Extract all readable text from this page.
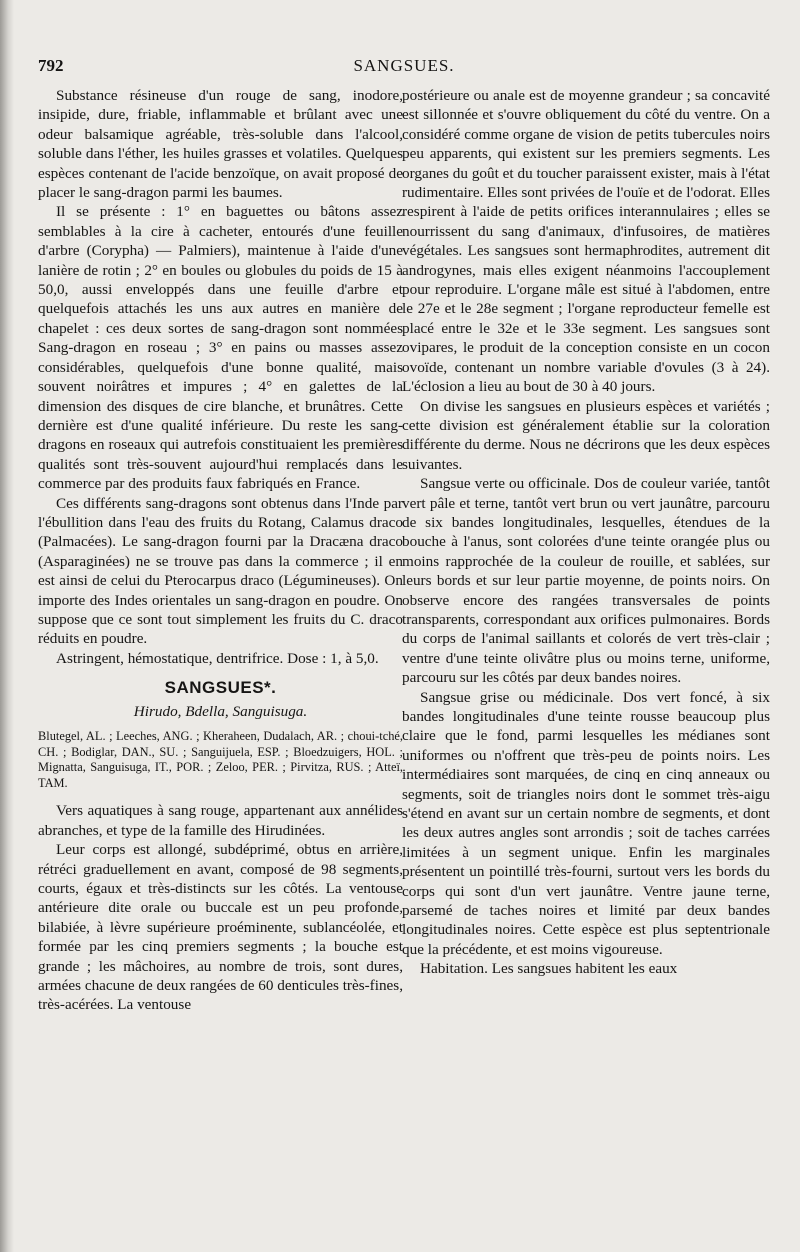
792	SANGSUES.

Substance résineuse d'un rouge de sang, inodore, insipide, dure, friable, inflammable et brûlant avec une odeur balsamique agréable, très-soluble dans l'alcool, soluble dans l'éther, les huiles grasses et volatiles. Quelques espèces contenant de l'acide benzoïque, on avait proposé de placer le sang-dragon parmi les baumes.

Il se présente : 1° en baguettes ou bâtons assez semblables à la cire à cacheter, entourés d'une feuille d'arbre (Corypha) — Palmiers), maintenue à l'aide d'une lanière de rotin ; 2° en boules ou globules du poids de 15 à 50,0, aussi enveloppés dans une feuille d'arbre et quelquefois attachés les uns aux autres en manière de chapelet : ces deux sortes de sang-dragon sont nommées Sang-dragon en roseau ; 3° en pains ou masses assez considérables, quelquefois d'une bonne qualité, mais souvent noirâtres et impures ; 4° en galettes de la dimension des disques de cire blanche, et brunâtres. Cette dernière est d'une qualité inférieure. Du reste les sang-dragons en roseaux qui autrefois constituaient les premières qualités sont très-souvent aujourd'hui remplacés dans le commerce par des produits faux fabriqués en France.

Ces différents sang-dragons sont obtenus dans l'Inde par l'ébullition dans l'eau des fruits du Rotang, Calamus draco (Palmacées). Le sang-dragon fourni par la Dracæna draco (Asparaginées) ne se trouve pas dans la commerce ; il en est ainsi de celui du Pterocarpus draco (Légumineuses). On importe des Indes orientales un sang-dragon en poudre. On suppose que ce sont tout simplement les fruits du C. draco réduits en poudre.

Astringent, hémostatique, dentrifrice. Dose : 1, à 5,0.

SANGSUES*.
Hirudo, Bdella, Sanguisuga.

Blutegel, AL. ; Leeches, ANG. ; Kheraheen, Dudalach, AR. ; choui-tché, CH. ; Bodiglar, DAN., SU. ; Sanguijuela, ESP. ; Bloedzuigers, HOL. ; Mignatta, Sanguisuga, IT., POR. ; Zeloo, PER. ; Pirvitza, RUS. ; Atteï, TAM.

Vers aquatiques à sang rouge, appartenant aux annélides abranches, et type de la famille des Hirudinées.

Leur corps est allongé, subdéprimé, obtus en arrière, rétréci graduellement en avant, composé de 98 segments, courts, égaux et très-distincts sur les côtés. La ventouse antérieure dite orale ou buccale est un peu profonde, bilabiée, à lèvre supérieure proéminente, sublancéolée, et formée par les cinq premiers segments ; la bouche est grande ; les mâchoires, au nombre de trois, sont dures, armées chacune de deux rangées de 60 denticules très-fines, très-acérées. La ventouse

postérieure ou anale est de moyenne grandeur ; sa concavité est sillonnée et s'ouvre obliquement du côté du ventre. On a considéré comme organe de vision de petits tubercules noirs peu apparents, qui existent sur les premiers segments. Les organes du goût et du toucher paraissent exister, mais à l'état rudimentaire. Elles sont privées de l'ouïe et de l'odorat. Elles respirent à l'aide de petits orifices interannulaires ; elles se nourrissent du sang d'animaux, d'infusoires, de matières végétales. Les sangsues sont hermaphrodites, autrement dit androgynes, mais elles exigent néanmoins l'accouplement pour reproduire. L'organe mâle est situé à l'abdomen, entre le 27e et le 28e segment ; l'organe reproducteur femelle est placé entre le 32e et le 33e segment. Les sangsues sont ovipares, le produit de la conception consiste en un cocon ovoïde, contenant un nombre variable d'ovules (3 à 24). L'éclosion a lieu au bout de 30 à 40 jours.

On divise les sangsues en plusieurs espèces et variétés ; cette division est généralement établie sur la coloration différente du derme. Nous ne décrirons que les deux espèces suivantes.

Sangsue verte ou officinale. Dos de couleur variée, tantôt vert pâle et terne, tantôt vert brun ou vert jaunâtre, parcouru de six bandes longitudinales, lesquelles, étendues de la bouche à l'anus, sont colorées d'une teinte orangée plus ou moins rapprochée de la couleur de rouille, et sablées, sur leurs bords et sur leur partie moyenne, de points noirs. On observe encore des rangées transversales de points transparents, correspondant aux orifices pulmonaires. Bords du corps de l'animal saillants et colorés de vert très-clair ; ventre d'une teinte olivâtre plus ou moins terne, uniforme, parcouru sur les côtés par deux bandes noires.

Sangsue grise ou médicinale. Dos vert foncé, à six bandes longitudinales d'une teinte rousse beaucoup plus claire que le fond, parmi lesquelles les médianes sont uniformes ou n'offrent que très-peu de points noirs. Les intermédiaires sont marquées, de cinq en cinq anneaux ou segments, soit de triangles noirs dont le sommet très-aigu s'étend en avant sur un certain nombre de segments, et dont les deux autres angles sont arrondis ; soit de taches carrées limitées à un segment unique. Enfin les marginales présentent un pointillé très-fourni, surtout vers les bords du corps qui sont d'un vert jaunâtre. Ventre jaune terne, parsemé de taches noires et limité par deux bandes longitudinales noires. Cette espèce est plus septentrionale que la précédente, et est moins vigoureuse.

Habitation. Les sangsues habitent les eaux
